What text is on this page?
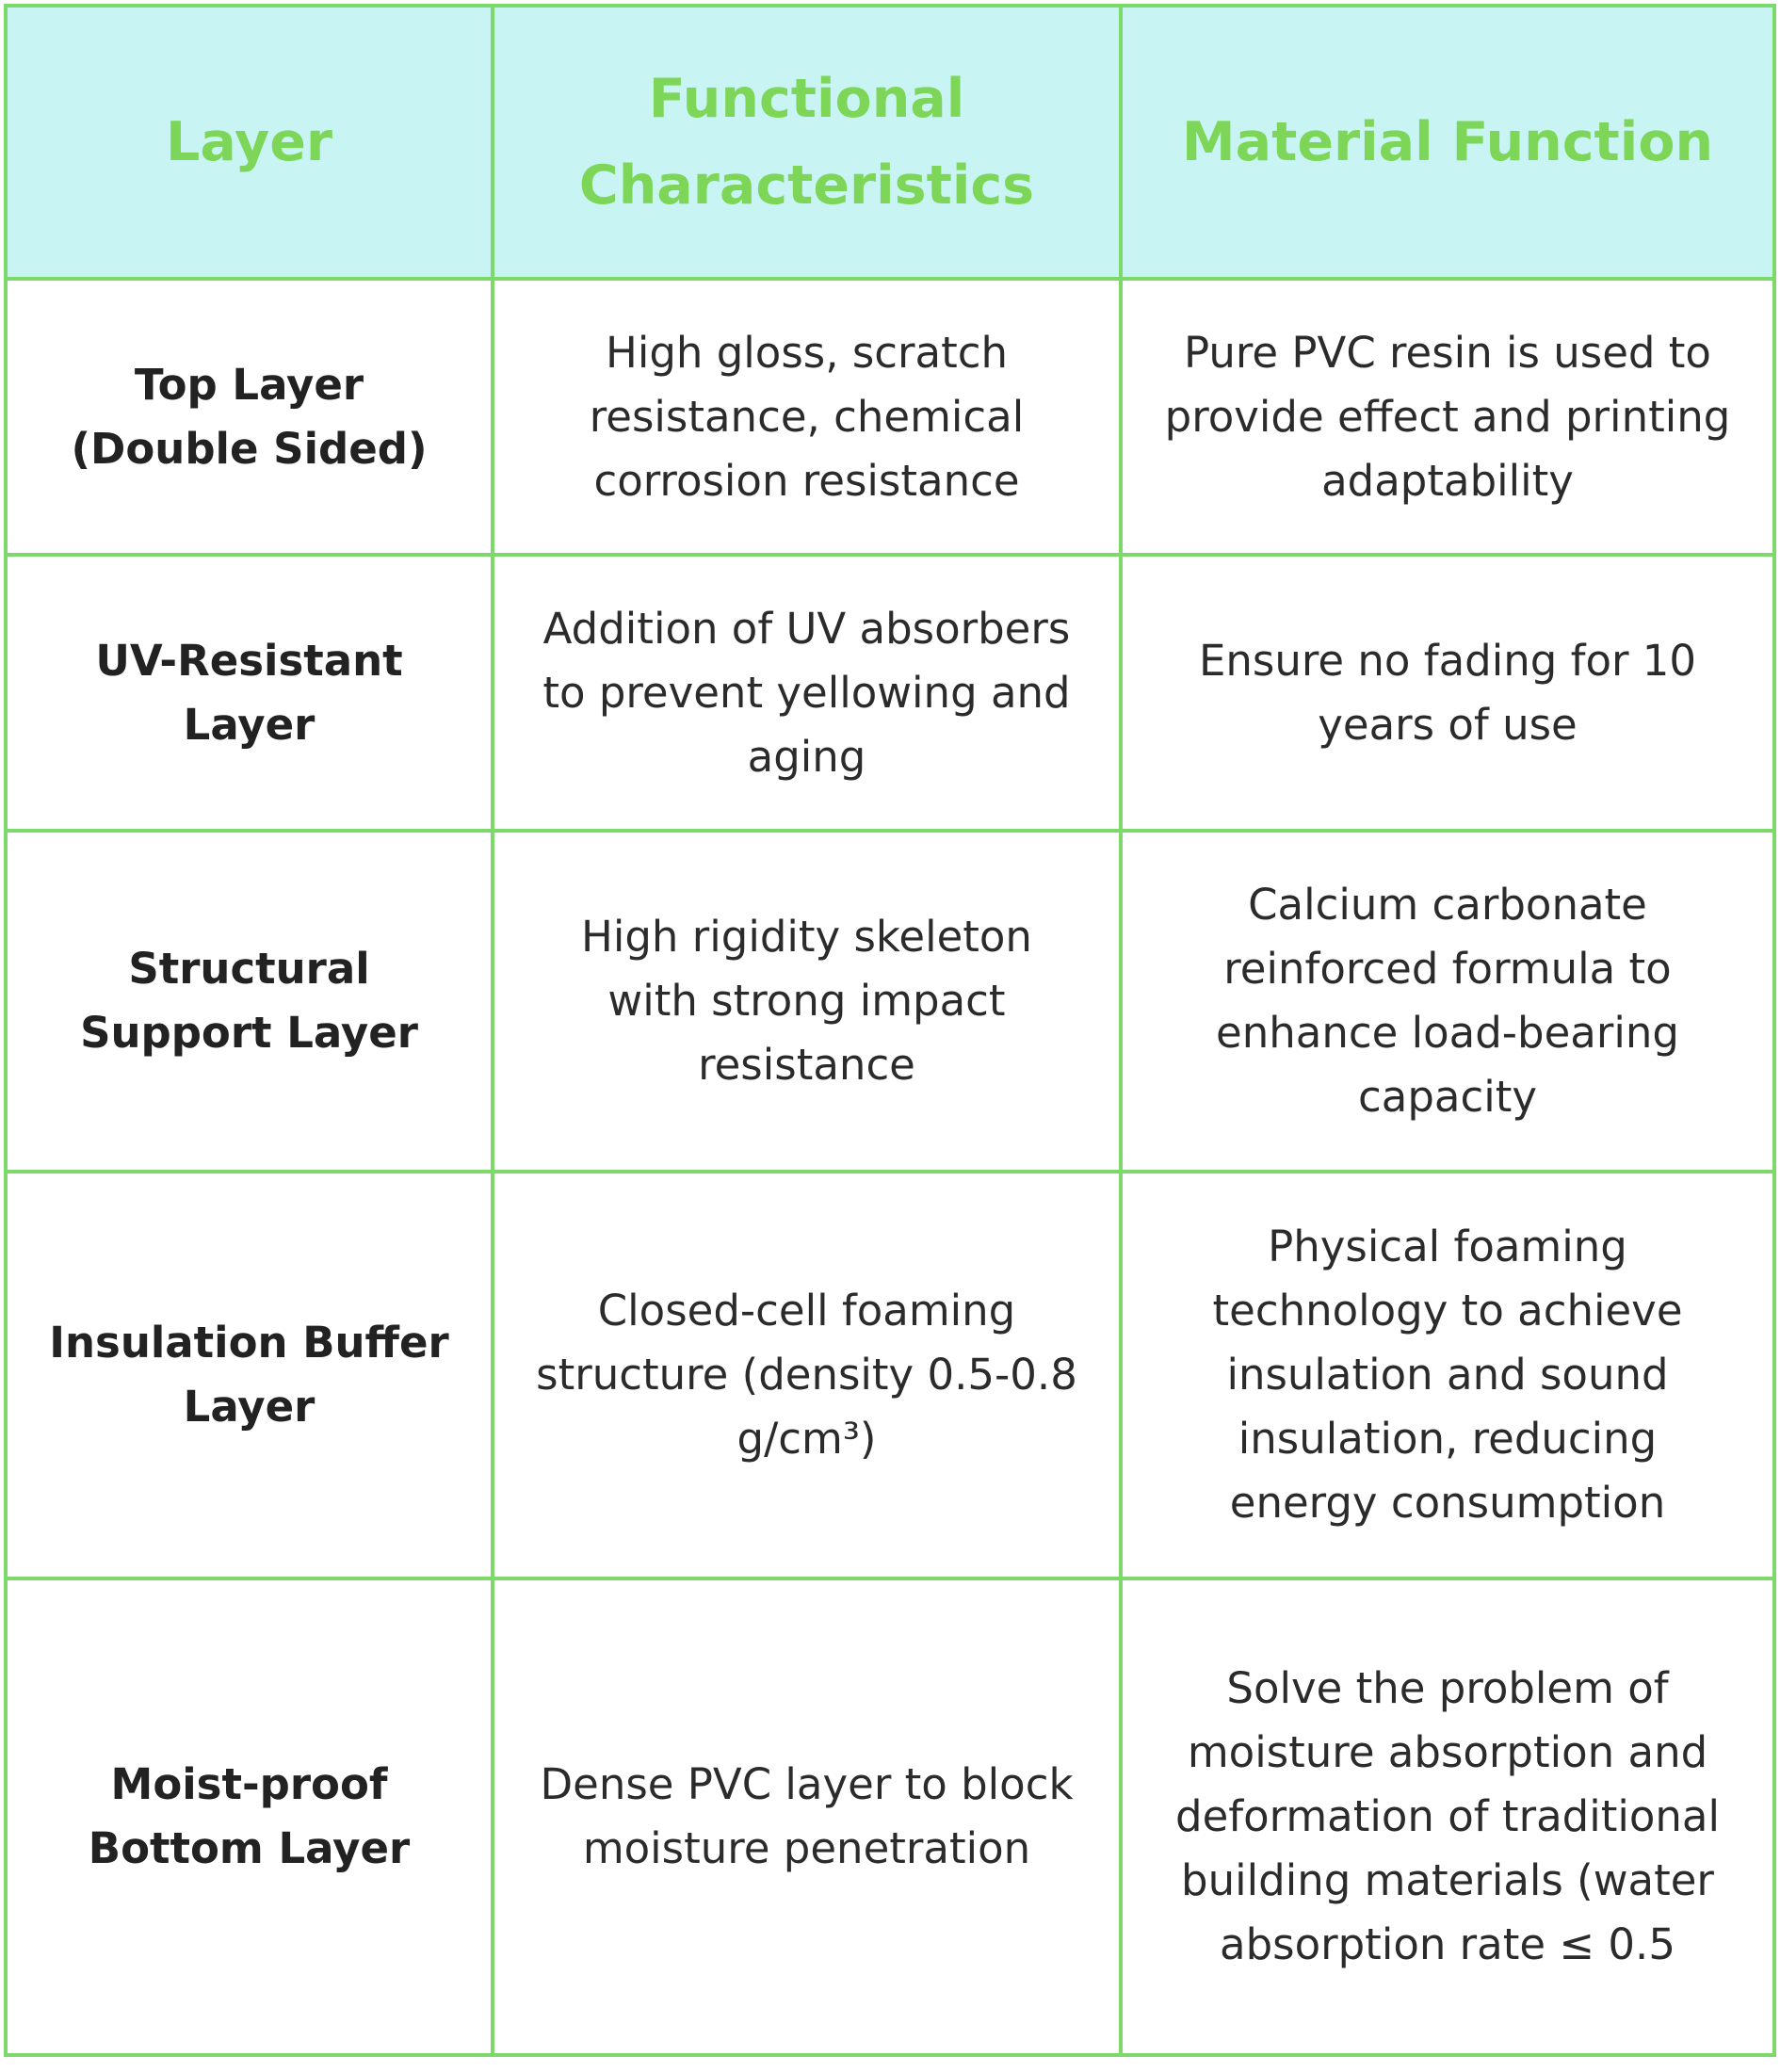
Layer
Functional Characteristics
Material Function
Top Layer (Double Sided)
High gloss, scratch resistance, chemical corrosion resistance
Pure PVC resin is used to provide effect and printing adaptability
UV-Resistant Layer
Addition of UV absorbers to prevent yellowing and aging
Ensure no fading for 10 years of use
Structural Support Layer
High rigidity skeleton with strong impact resistance
Calcium carbonate reinforced formula to enhance load-bearing capacity
Insulation Buffer Layer
Closed-cell foaming structure (density 0.5-0.8 g/cm³)
Physical foaming technology to achieve insulation and sound insulation, reducing energy consumption
Moist-proof Bottom Layer
Dense PVC layer to block moisture penetration
Solve the problem of moisture absorption and deformation of traditional building materials (water absorption rate ≤ 0.5
